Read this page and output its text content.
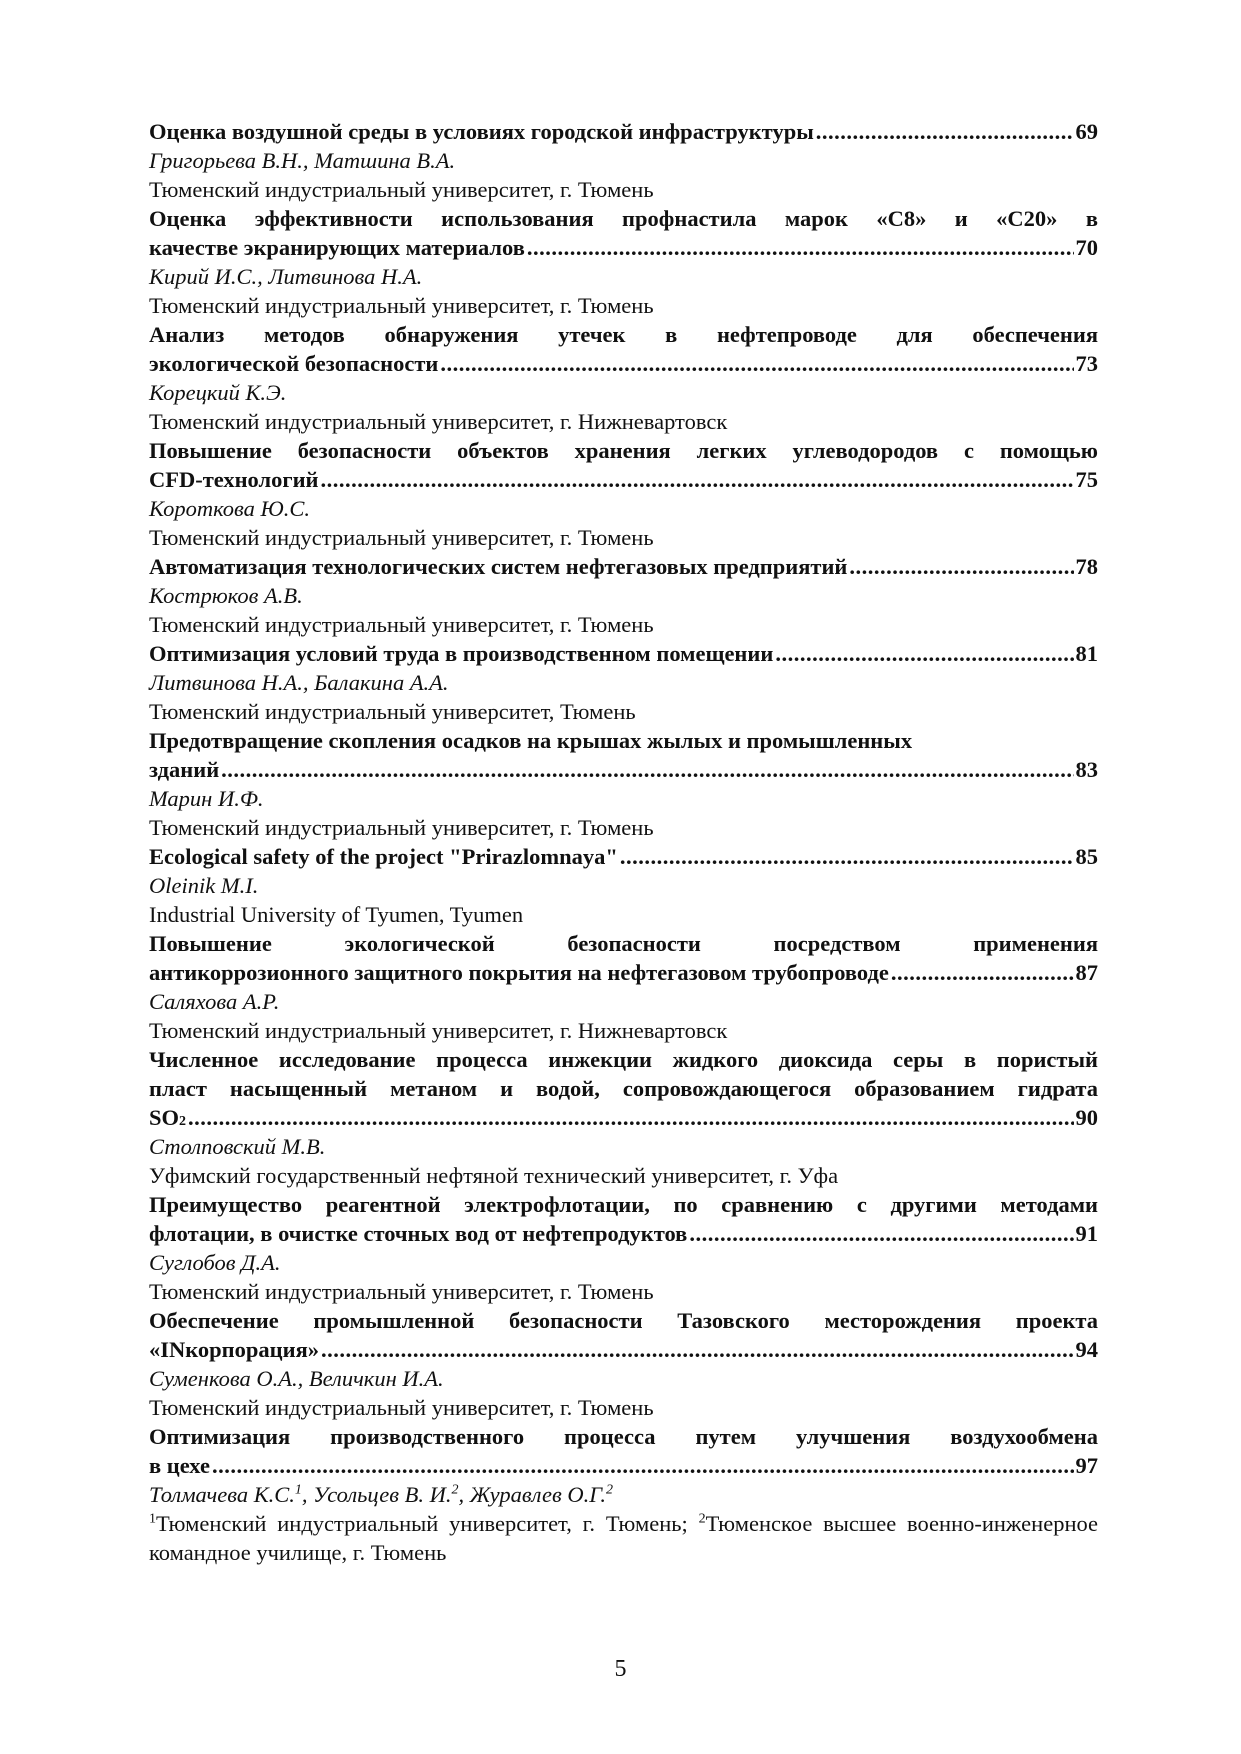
Оценка воздушной среды в условиях городской инфраструктуры .....	69
Григорьева В.Н., Матшина В.А.
Тюменский индустриальный университет, г. Тюмень
Оценка эффективности использования профнастила марок «С8» и «С20» в
качестве экранирующих материалов .....	70
Кирий И.С., Литвинова Н.А.
Тюменский индустриальный университет, г. Тюмень
Анализ методов обнаружения утечек в нефтепроводе для обеспечения
экологической безопасности .....	73
Корецкий К.Э.
Тюменский индустриальный университет, г. Нижневартовск
Повышение безопасности объектов хранения легких углеводородов с помощью
CFD-технологий .....	75
Короткова Ю.С.
Тюменский индустриальный университет, г. Тюмень
Автоматизация технологических систем нефтегазовых предприятий .....	78
Кострюков А.В.
Тюменский индустриальный университет, г. Тюмень
Оптимизация условий труда в производственном помещении .....	81
Литвинова Н.А., Балакина А.А.
Тюменский индустриальный университет, Тюмень
Предотвращение скопления осадков на крышах жылых и промышленных
зданий .....	83
Марин И.Ф.
Тюменский индустриальный университет, г. Тюмень
Ecological safety of the project "Prirazlomnaya" .....	85
Oleinik M.I.
Industrial University of Tyumen, Tyumen
Повышение экологической безопасности посредством применения
антикоррозионного защитного покрытия на нефтегазовом трубопроводе .....	87
Саляхова А.Р.
Тюменский индустриальный университет, г. Нижневартовск
Численное исследование процесса инжекции жидкого диоксида серы в пористый
пласт насыщенный метаном и водой, сопровождающегося образованием гидрата
SO 2 .....	90
Столповский М.В.
Уфимский государственный нефтяной технический университет, г. Уфа
Преимущество реагентной электрофлотации, по сравнению с другими методами
флотации, в очистке сточных вод от нефтепродуктов .....	91
Суглобов Д.А.
Тюменский индустриальный университет, г. Тюмень
Обеспечение промышленной безопасности Тазовского месторождения проекта
«INкорпорация» .....	94
Суменкова О.А., Величкин И.А.
Тюменский индустриальный университет, г. Тюмень
Оптимизация производственного процесса путем улучшения воздухообмена
в цехе .....	97
Толмачева К.С.$^1$, Усольцев В. И.$^2$, Журавлев О.Г.$^2$
$^1$Тюменский индустриальный университет, г. Тюмень; $^2$Тюменское высшее военно-инженерное командное училище, г. Тюмень
5
